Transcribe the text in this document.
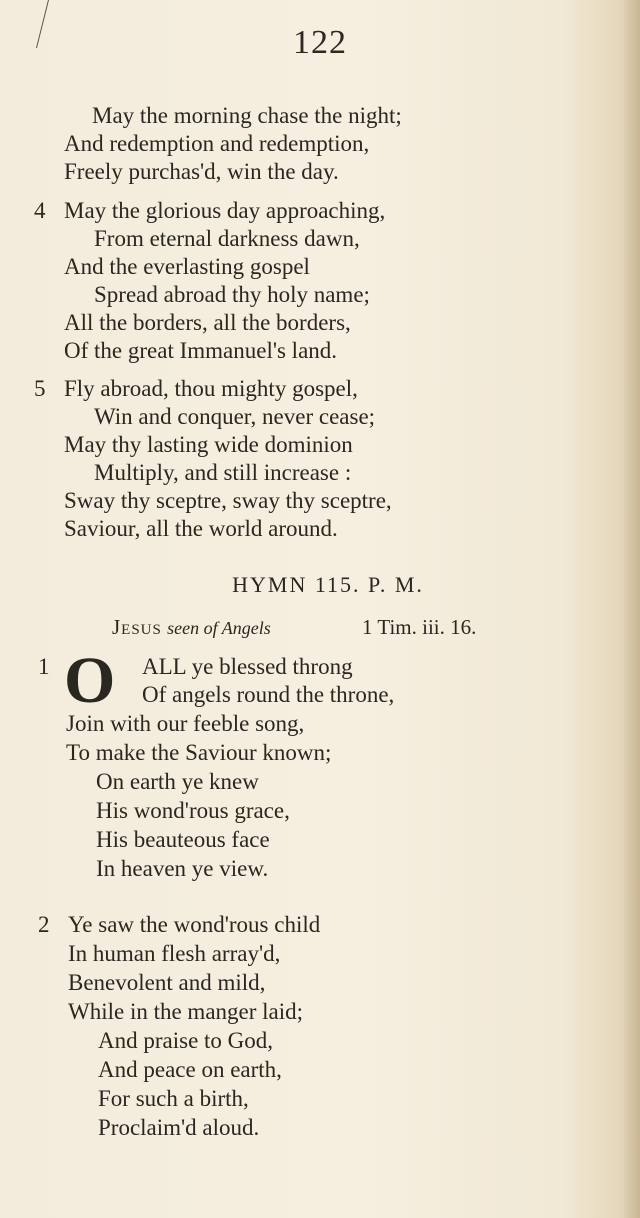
122
May the morning chase the night;
And redemption and redemption,
Freely purchas'd, win the day.
4 May the glorious day approaching,
From eternal darkness dawn,
And the everlasting gospel
Spread abroad thy holy name;
All the borders, all the borders,
Of the great Immanuel's land.
5 Fly abroad, thou mighty gospel,
Win and conquer, never cease;
May thy lasting wide dominion
Multiply, and still increase :
Sway thy sceptre, sway thy sceptre,
Saviour, all the world around.
HYMN 115. P. M.
Jesus seen of Angels	1 Tim. iii. 16.
1 O ALL ye blessed throng
Of angels round the throne,
Join with our feeble song,
To make the Saviour known;
On earth ye knew
His wond'rous grace,
His beauteous face
In heaven ye view.
2 Ye saw the wond'rous child
In human flesh array'd,
Benevolent and mild,
While in the manger laid;
And praise to God,
And peace on earth,
For such a birth,
Proclaim'd aloud.
